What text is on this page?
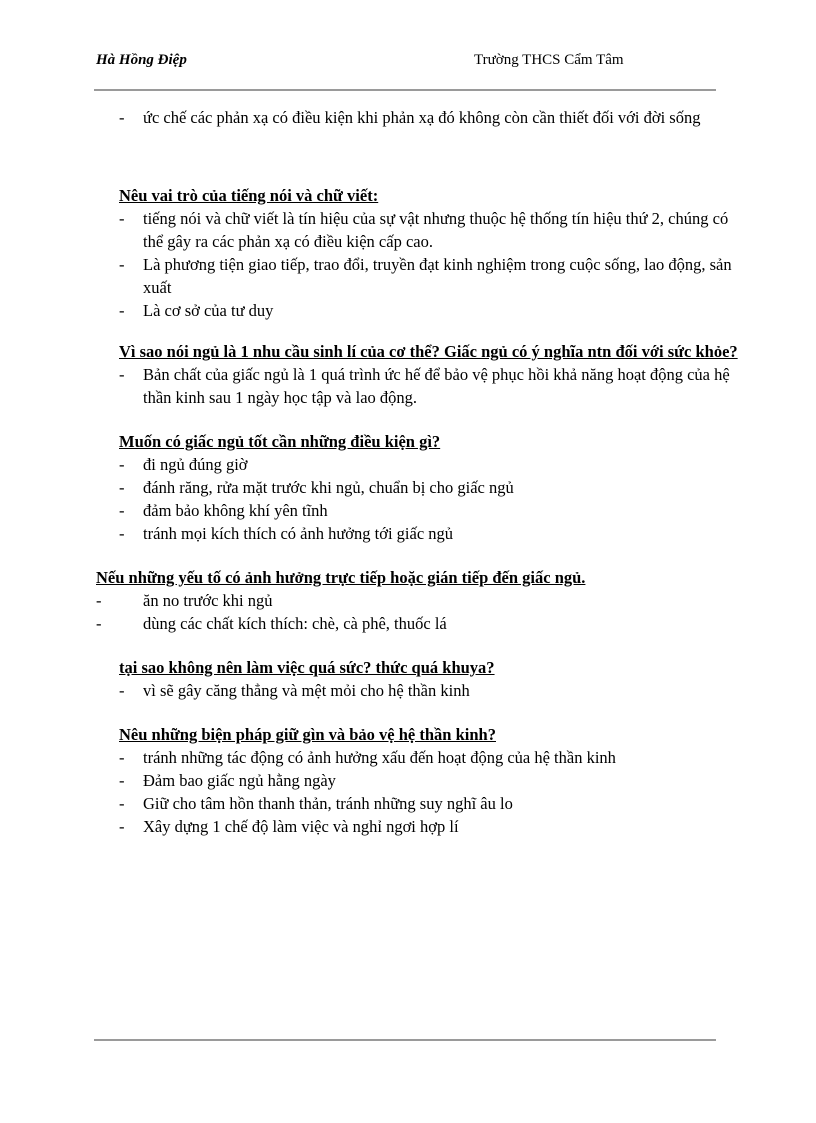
Hà Hồng Điệp	Trường THCS Cẩm Tâm
- ức chế các phản xạ có điều kiện khi phản xạ đó không còn cần thiết đối với đời sống

Nêu vai trò của tiếng nói và chữ viết:

- tiếng nói và chữ viết là tín hiệu của sự vật nhưng thuộc hệ thống tín hiệu thứ 2, chúng có thể gây ra các phản xạ có điều kiện cấp cao.
- Là phương tiện giao tiếp, trao đổi, truyền đạt kinh nghiệm trong cuộc sống, lao động, sản xuất
- Là cơ sở của tư duy

Vì sao nói ngủ là 1 nhu cầu sinh lí của cơ thể? Giấc ngủ có ý nghĩa ntn đối với sức khỏe?

- Bản chất của giấc ngủ là 1 quá trình ức hế để bảo vệ phục hồi khả năng hoạt động của hệ thần kinh sau 1 ngày học tập và lao động.

Muốn có giấc ngủ tốt cần những điều kiện gì?

- đi ngủ đúng giờ
- đánh răng, rửa mặt trước khi ngủ, chuẩn bị cho giấc ngủ
- đảm bảo không khí yên tĩnh
- tránh mọi kích thích có ảnh hưởng tới giấc ngủ

Nếu những yếu tố có ảnh hưởng trực tiếp hoặc gián tiếp đến giấc ngủ.

-	ăn no trước khi ngủ
-	dùng các chất kích thích: chè, cà phê, thuốc lá

tại sao không nên làm việc quá sức? thức quá khuya?

- vì sẽ gây căng thẳng và mệt mỏi cho hệ thần kinh

Nêu những biện pháp giữ gìn và bảo vệ hệ thần kinh?

- tránh những tác động có ảnh hưởng xấu đến hoạt động của hệ thần kinh
- Đảm bao giấc ngủ hằng ngày
- Giữ cho tâm hồn thanh thản, tránh những suy nghĩ âu lo
- Xây dựng 1 chế độ làm việc và nghỉ ngơi hợp lí
